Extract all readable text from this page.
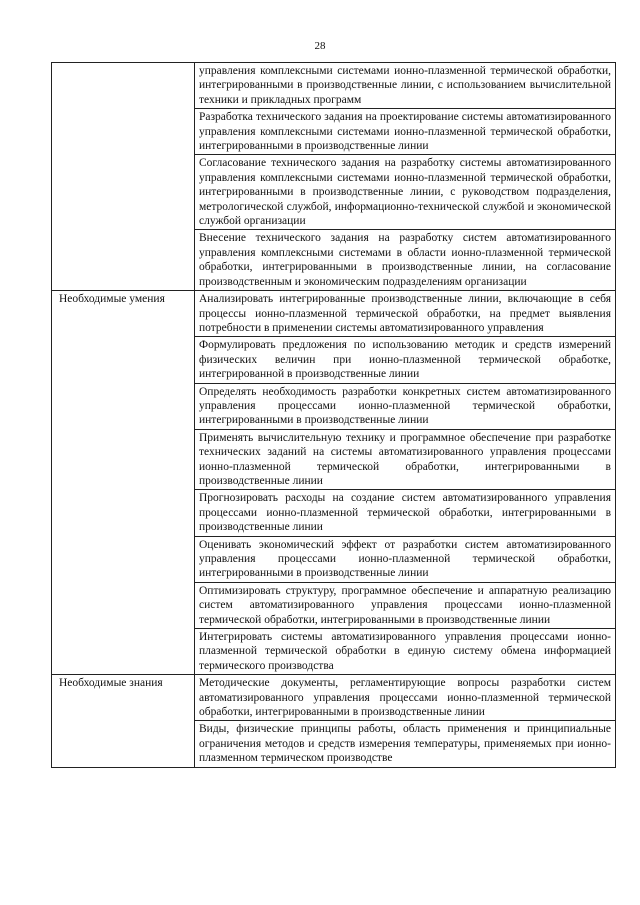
28
	управления комплексными системами ионно-плазменной термической обработки, интегрированными в производственные линии, с использованием вычислительной техники и прикладных программ
	Разработка технического задания на проектирование системы автоматизированного управления комплексными системами ионно-плазменной термической обработки, интегрированными в производственные линии
	Согласование технического задания на разработку системы автоматизированного управления комплексными системами ионно-плазменной термической обработки, интегрированными в производственные линии, с руководством подразделения, метрологической службой, информационно-технической службой и экономической службой организации
	Внесение технического задания на разработку систем автоматизированного управления комплексными системами в области ионно-плазменной термической обработки, интегрированными в производственные линии, на согласование производственным и экономическим подразделениям организации
Необходимые умения	Анализировать интегрированные производственные линии, включающие в себя процессы ионно-плазменной термической обработки, на предмет выявления потребности в применении системы автоматизированного управления
	Формулировать предложения по использованию методик и средств измерений физических величин при ионно-плазменной термической обработке, интегрированной в производственные линии
	Определять необходимость разработки конкретных систем автоматизированного управления процессами ионно-плазменной термической обработки, интегрированными в производственные линии
	Применять вычислительную технику и программное обеспечение при разработке технических заданий на системы автоматизированного управления процессами ионно-плазменной термической обработки, интегрированными в производственные линии
	Прогнозировать расходы на создание систем автоматизированного управления процессами ионно-плазменной термической обработки, интегрированными в производственные линии
	Оценивать экономический эффект от разработки систем автоматизированного управления процессами ионно-плазменной термической обработки, интегрированными в производственные линии
	Оптимизировать структуру, программное обеспечение и аппаратную реализацию систем автоматизированного управления процессами ионно-плазменной термической обработки, интегрированными в производственные линии
	Интегрировать системы автоматизированного управления процессами ионно-плазменной термической обработки в единую систему обмена информацией термического производства
Необходимые знания	Методические документы, регламентирующие вопросы разработки систем автоматизированного управления процессами ионно-плазменной термической обработки, интегрированными в производственные линии
	Виды, физические принципы работы, область применения и принципиальные ограничения методов и средств измерения температуры, применяемых при ионно-плазменном термическом производстве
